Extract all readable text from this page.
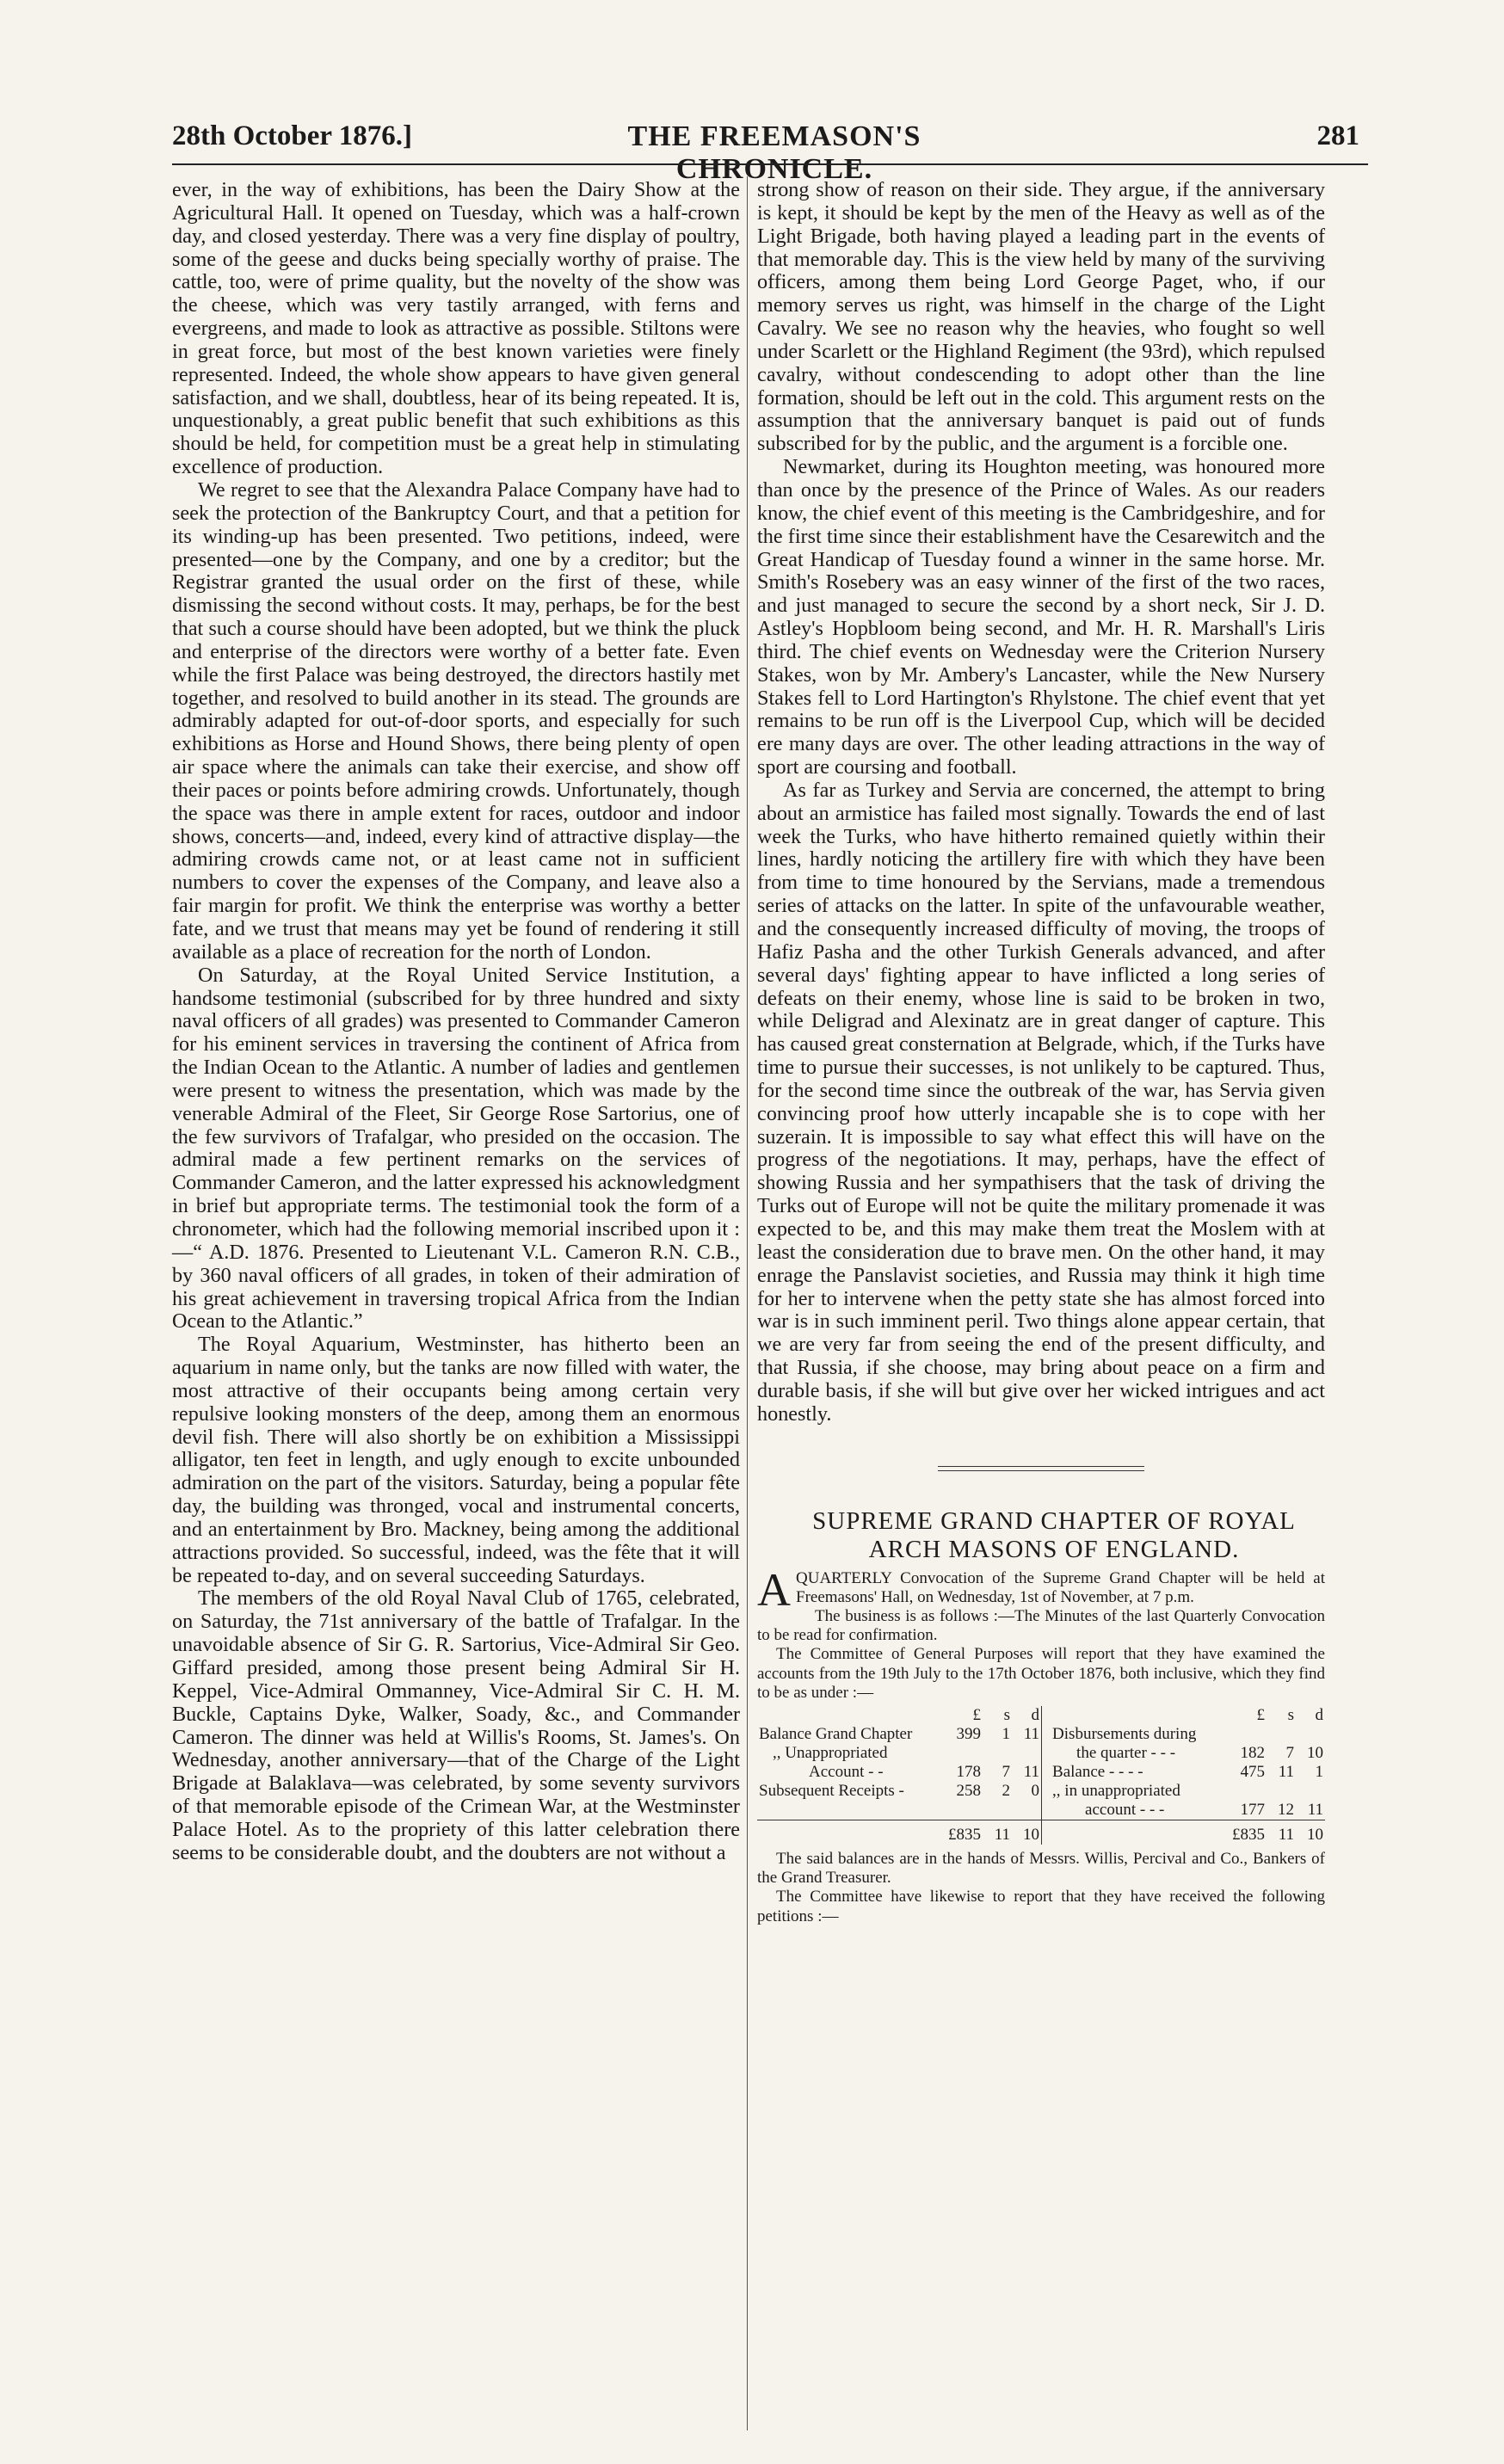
28th October 1876.]	THE FREEMASON'S CHRONICLE.
281

ever, in the way of exhibitions, has been the Dairy Show at the Agricultural Hall. It opened on Tuesday, which was a half-crown day, and closed yesterday. There was a very fine display of poultry, some of the geese and ducks being specially worthy of praise. The cattle, too, were of prime quality, but the novelty of the show was the cheese, which was very tastily arranged, with ferns and evergreens, and made to look as attractive as possible. Stiltons were in great force, but most of the best known varieties were finely represented. Indeed, the whole show appears to have given general satisfaction, and we shall, doubtless, hear of its being repeated. It is, unquestionably, a great public benefit that such exhibitions as this should be held, for competition must be a great help in stimulating excellence of production.

We regret to see that the Alexandra Palace Company have had to seek the protection of the Bankruptcy Court, and that a petition for its winding-up has been presented. Two petitions, indeed, were presented—one by the Company, and one by a creditor; but the Registrar granted the usual order on the first of these, while dismissing the second without costs. It may, perhaps, be for the best that such a course should have been adopted, but we think the pluck and enterprise of the directors were worthy of a better fate. Even while the first Palace was being destroyed, the directors hastily met together, and resolved to build another in its stead. The grounds are admirably adapted for out-of-door sports, and especially for such exhibitions as Horse and Hound Shows, there being plenty of open air space where the animals can take their exercise, and show off their paces or points before admiring crowds. Unfortunately, though the space was there in ample extent for races, outdoor and indoor shows, concerts—and, indeed, every kind of attractive display—the admiring crowds came not, or at least came not in sufficient numbers to cover the expenses of the Company, and leave also a fair margin for profit. We think the enterprise was worthy a better fate, and we trust that means may yet be found of rendering it still available as a place of recreation for the north of London.

On Saturday, at the Royal United Service Institution, a handsome testimonial (subscribed for by three hundred and sixty naval officers of all grades) was presented to Commander Cameron for his eminent services in traversing the continent of Africa from the Indian Ocean to the Atlantic. A number of ladies and gentlemen were present to witness the presentation, which was made by the venerable Admiral of the Fleet, Sir George Rose Sartorius, one of the few survivors of Trafalgar, who presided on the occasion. The admiral made a few pertinent remarks on the services of Commander Cameron, and the latter expressed his acknowledgment in brief but appropriate terms. The testimonial took the form of a chronometer, which had the following memorial inscribed upon it :—“ A.D. 1876. Presented to Lieutenant V.L. Cameron R.N. C.B., by 360 naval officers of all grades, in token of their admiration of his great achievement in traversing tropical Africa from the Indian Ocean to the Atlantic.”

The Royal Aquarium, Westminster, has hitherto been an aquarium in name only, but the tanks are now filled with water, the most attractive of their occupants being among certain very repulsive looking monsters of the deep, among them an enormous devil fish. There will also shortly be on exhibition a Mississippi alligator, ten feet in length, and ugly enough to excite unbounded admiration on the part of the visitors. Saturday, being a popular fête day, the building was thronged, vocal and instrumental concerts, and an entertainment by Bro. Mackney, being among the additional attractions provided. So successful, indeed, was the fête that it will be repeated to-day, and on several succeeding Saturdays.

The members of the old Royal Naval Club of 1765, celebrated, on Saturday, the 71st anniversary of the battle of Trafalgar. In the unavoidable absence of Sir G. R. Sartorius, Vice-Admiral Sir Geo. Giffard presided, among those present being Admiral Sir H. Keppel, Vice-Admiral Ommanney, Vice-Admiral Sir C. H. M. Buckle, Captains Dyke, Walker, Soady, &c., and Commander Cameron. The dinner was held at Willis's Rooms, St. James's. On Wednesday, another anniversary—that of the Charge of the Light Brigade at Balaklava—was celebrated, by some seventy survivors of that memorable episode of the Crimean War, at the Westminster Palace Hotel. As to the propriety of this latter celebration there seems to be considerable doubt, and the doubters are not without a

strong show of reason on their side. They argue, if the anniversary is kept, it should be kept by the men of the Heavy as well as of the Light Brigade, both having played a leading part in the events of that memorable day. This is the view held by many of the surviving officers, among them being Lord George Paget, who, if our memory serves us right, was himself in the charge of the Light Cavalry. We see no reason why the heavies, who fought so well under Scarlett or the Highland Regiment (the 93rd), which repulsed cavalry, without condescending to adopt other than the line formation, should be left out in the cold. This argument rests on the assumption that the anniversary banquet is paid out of funds subscribed for by the public, and the argument is a forcible one.

Newmarket, during its Houghton meeting, was honoured more than once by the presence of the Prince of Wales. As our readers know, the chief event of this meeting is the Cambridgeshire, and for the first time since their establishment have the Cesarewitch and the Great Handicap of Tuesday found a winner in the same horse. Mr. Smith's Rosebery was an easy winner of the first of the two races, and just managed to secure the second by a short neck, Sir J. D. Astley's Hopbloom being second, and Mr. H. R. Marshall's Liris third. The chief events on Wednesday were the Criterion Nursery Stakes, won by Mr. Ambery's Lancaster, while the New Nursery Stakes fell to Lord Hartington's Rhylstone. The chief event that yet remains to be run off is the Liverpool Cup, which will be decided ere many days are over. The other leading attractions in the way of sport are coursing and football.

As far as Turkey and Servia are concerned, the attempt to bring about an armistice has failed most signally. Towards the end of last week the Turks, who have hitherto remained quietly within their lines, hardly noticing the artillery fire with which they have been from time to time honoured by the Servians, made a tremendous series of attacks on the latter. In spite of the unfavourable weather, and the consequently increased difficulty of moving, the troops of Hafiz Pasha and the other Turkish Generals advanced, and after several days' fighting appear to have inflicted a long series of defeats on their enemy, whose line is said to be broken in two, while Deligrad and Alexinatz are in great danger of capture. This has caused great consternation at Belgrade, which, if the Turks have time to pursue their successes, is not unlikely to be captured. Thus, for the second time since the outbreak of the war, has Servia given convincing proof how utterly incapable she is to cope with her suzerain. It is impossible to say what effect this will have on the progress of the negotiations. It may, perhaps, have the effect of showing Russia and her sympathisers that the task of driving the Turks out of Europe will not be quite the military promenade it was expected to be, and this may make them treat the Moslem with at least the consideration due to brave men. On the other hand, it may enrage the Panslavist societies, and Russia may think it high time for her to intervene when the petty state she has almost forced into war is in such imminent peril. Two things alone appear certain, that we are very far from seeing the end of the present difficulty, and that Russia, if she choose, may bring about peace on a firm and durable basis, if she will but give over her wicked intrigues and act honestly.

SUPREME GRAND CHAPTER OF ROYAL

ARCH MASONS OF ENGLAND.

AQUARTERLY Convocation of the Supreme Grand Chapter will be held at Freemasons' Hall, on Wednesday, 1st of November, at 7 p.m.

The business is as follows :—The Minutes of the last Quarterly Convocation to be read for confirmation.

The Committee of General Purposes will report that they have examined the accounts from the 19th July to the 17th October 1876, both inclusive, which they find to be as under :—

	£	s	d		£	s	d
Balance Grand Chapter	399	1	11	Disbursements during			
,, Unappropriated				the quarter - - -	182	7	10
Account - -	178	7	11	Balance - - - -	475	11	1
Subsequent Receipts -	258	2	0	,, in unappropriated			
				account - - -	177	12	11

	£835	11	10		£835	11	10

The said balances are in the hands of Messrs. Willis, Percival and Co., Bankers of the Grand Treasurer.

The Committee have likewise to report that they have received the following petitions :—
